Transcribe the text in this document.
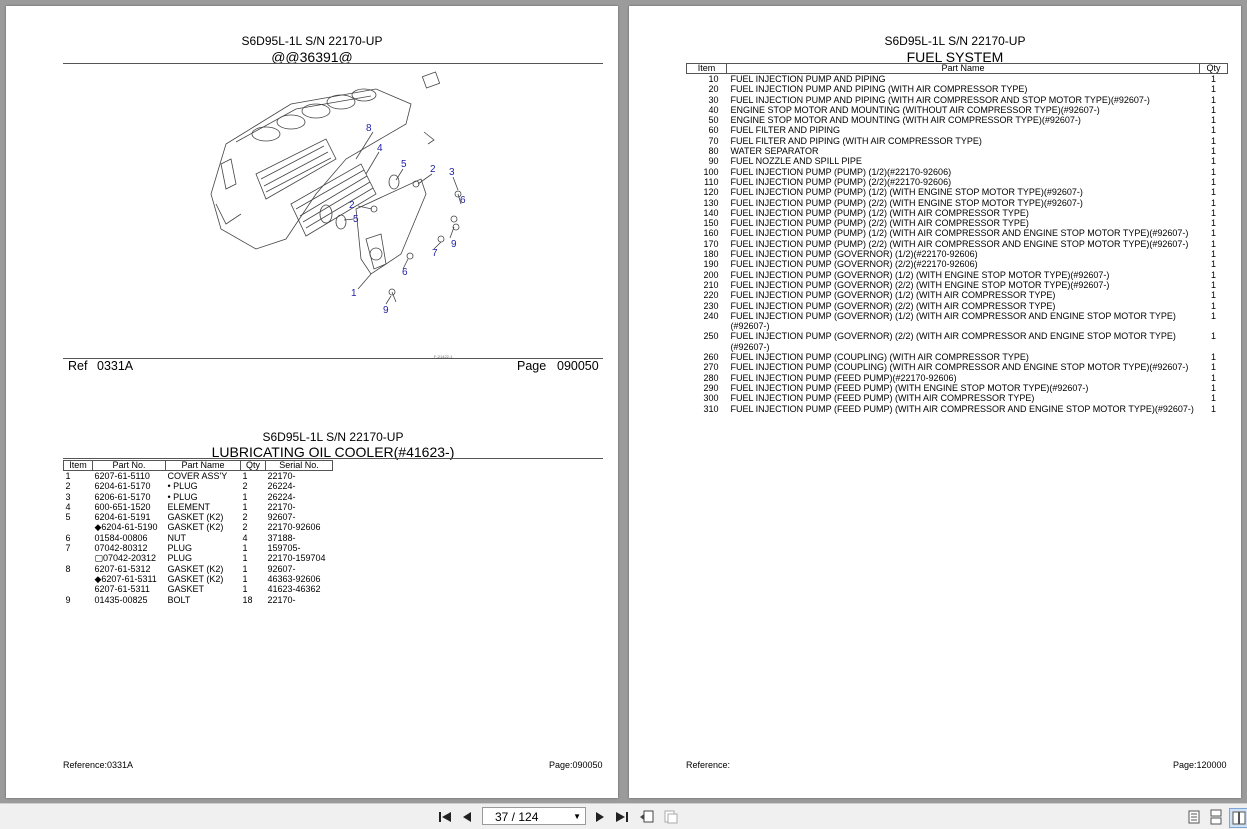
S6D95L-1L S/N 22170-UP
@@36391@
8
4
5 2 3
6
2
5
9
7
6
1
9
F-21422-1
Ref 0331A	Page 090050
S6D95L-1L S/N 22170-UP
LUBRICATING OIL COOLER(#41623-)
Item	Part No.	Part Name	Qty	Serial No.
1	6207-61-5110	COVER ASS'Y	1	22170-
2	6204-61-5170	• PLUG	2	26224-
3	6206-61-5170	• PLUG	1	26224-
4	600-651-1520	ELEMENT	1	22170-
5	6204-61-5191	GASKET (K2)	2	92607-
	◆6204-61-5190	GASKET (K2)	2	22170-92606
6	01584-00806	NUT	4	37188-
7	07042-80312	PLUG	1	159705-
	▢07042-20312	PLUG	1	22170-159704
8	6207-61-5312	GASKET (K2)	1	92607-
	◆6207-61-5311	GASKET (K2)	1	46363-92606
	6207-61-5311	GASKET	1	41623-46362
9	01435-00825	BOLT	18	22170-
Reference:0331A	Page:090050
S6D95L-1L S/N 22170-UP
FUEL SYSTEM
Item	Part Name	Qty
10	FUEL INJECTION PUMP AND PIPING	1
20	FUEL INJECTION PUMP AND PIPING (WITH AIR COMPRESSOR TYPE)	1
30	FUEL INJECTION PUMP AND PIPING (WITH AIR COMPRESSOR AND STOP MOTOR TYPE)(#92607-)	1
40	ENGINE STOP MOTOR AND MOUNTING (WITHOUT AIR COMPRESSOR TYPE)(#92607-)	1
50	ENGINE STOP MOTOR AND MOUNTING (WITH AIR COMPRESSOR TYPE)(#92607-)	1
60	FUEL FILTER AND PIPING	1
70	FUEL FILTER AND PIPING (WITH AIR COMPRESSOR TYPE)	1
80	WATER SEPARATOR	1
90	FUEL NOZZLE AND SPILL PIPE	1
100	FUEL INJECTION PUMP (PUMP) (1/2)(#22170-92606)	1
110	FUEL INJECTION PUMP (PUMP) (2/2)(#22170-92606)	1
120	FUEL INJECTION PUMP (PUMP) (1/2) (WITH ENGINE STOP MOTOR TYPE)(#92607-)	1
130	FUEL INJECTION PUMP (PUMP) (2/2) (WITH ENGINE STOP MOTOR TYPE)(#92607-)	1
140	FUEL INJECTION PUMP (PUMP) (1/2) (WITH AIR COMPRESSOR TYPE)	1
150	FUEL INJECTION PUMP (PUMP) (2/2) (WITH AIR COMPRESSOR TYPE)	1
160	FUEL INJECTION PUMP (PUMP) (1/2) (WITH AIR COMPRESSOR AND ENGINE STOP MOTOR TYPE)(#92607-)	1
170	FUEL INJECTION PUMP (PUMP) (2/2) (WITH AIR COMPRESSOR AND ENGINE STOP MOTOR TYPE)(#92607-)	1
180	FUEL INJECTION PUMP (GOVERNOR) (1/2)(#22170-92606)	1
190	FUEL INJECTION PUMP (GOVERNOR) (2/2)(#22170-92606)	1
200	FUEL INJECTION PUMP (GOVERNOR) (1/2) (WITH ENGINE STOP MOTOR TYPE)(#92607-)	1
210	FUEL INJECTION PUMP (GOVERNOR) (2/2) (WITH ENGINE STOP MOTOR TYPE)(#92607-)	1
220	FUEL INJECTION PUMP (GOVERNOR) (1/2) (WITH AIR COMPRESSOR TYPE)	1
230	FUEL INJECTION PUMP (GOVERNOR) (2/2) (WITH AIR COMPRESSOR TYPE)	1
240	FUEL INJECTION PUMP (GOVERNOR) (1/2) (WITH AIR COMPRESSOR AND ENGINE STOP MOTOR TYPE)(#92607-)	1
250	FUEL INJECTION PUMP (GOVERNOR) (2/2) (WITH AIR COMPRESSOR AND ENGINE STOP MOTOR TYPE)(#92607-)	1
260	FUEL INJECTION PUMP (COUPLING) (WITH AIR COMPRESSOR TYPE)	1
270	FUEL INJECTION PUMP (COUPLING) (WITH AIR COMPRESSOR AND ENGINE STOP MOTOR TYPE)(#92607-)	1
280	FUEL INJECTION PUMP (FEED PUMP)(#22170-92606)	1
290	FUEL INJECTION PUMP (FEED PUMP) (WITH ENGINE STOP MOTOR TYPE)(#92607-)	1
300	FUEL INJECTION PUMP (FEED PUMP) (WITH AIR COMPRESSOR TYPE)	1
310	FUEL INJECTION PUMP (FEED PUMP) (WITH AIR COMPRESSOR AND ENGINE STOP MOTOR TYPE)(#92607-)	1
Reference:	Page:120000
37 / 124	▼
